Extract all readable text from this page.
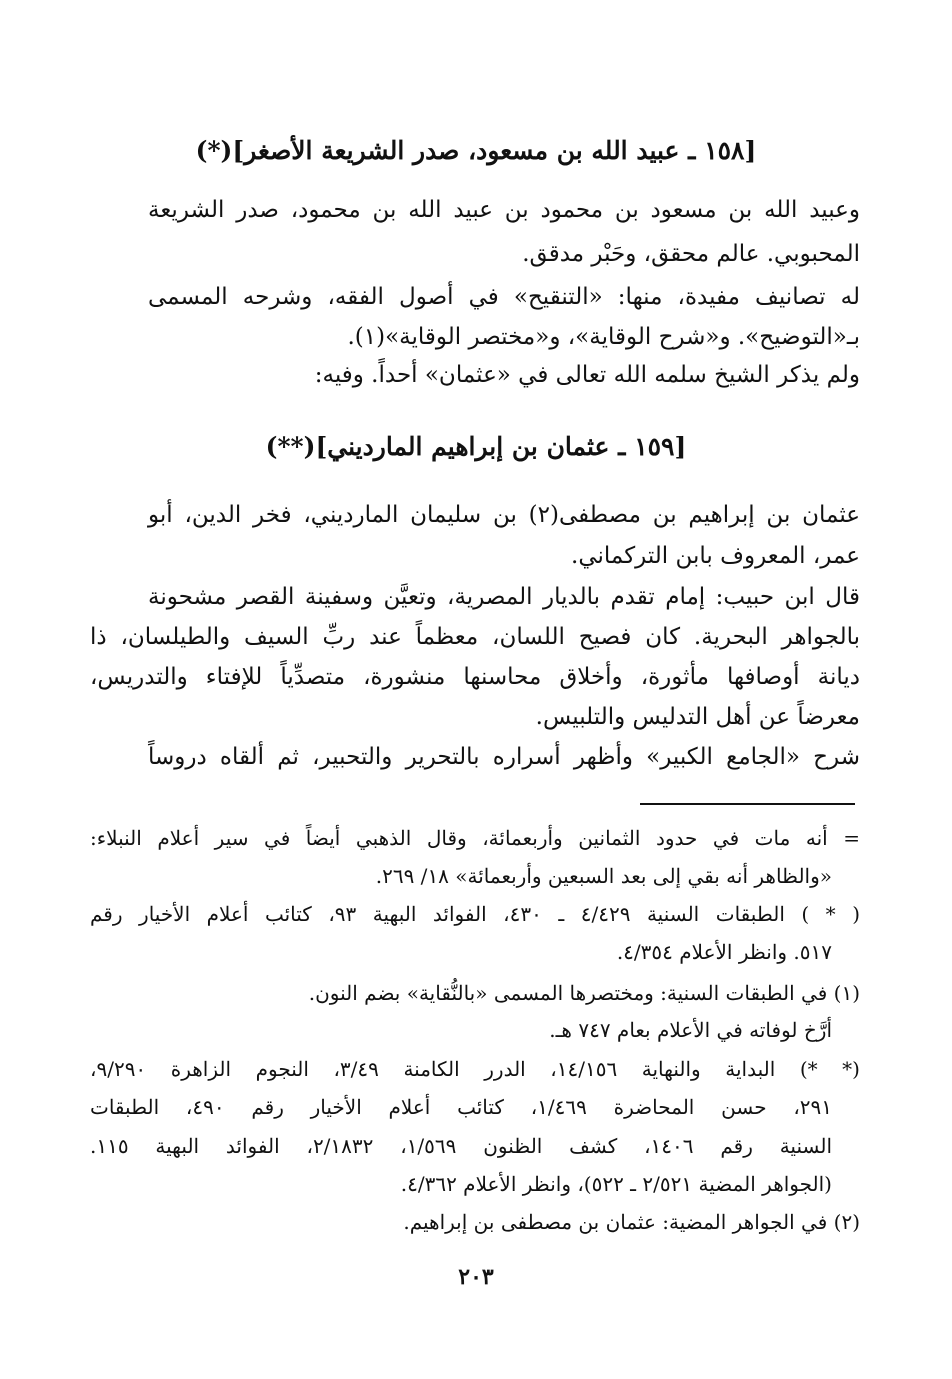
[١٥٨ ـ عبيد الله بن مسعود، صدر الشريعة الأصغر](*)
وعبيد الله بن مسعود بن محمود بن عبيد الله بن محمود، صدر الشريعة
المحبوبي. عالم محقق، وحَبْر مدقق.
له تصانيف مفيدة، منها: «التنقيح» في أصول الفقه، وشرحه المسمى
بـ«التوضيح». و«شرح الوقاية»، و«مختصر الوقاية»(١).
ولم يذكر الشيخ سلمه الله تعالى في «عثمان» أحداً. وفيه:
[١٥٩ ـ عثمان بن إبراهيم المارديني](**)
عثمان بن إبراهيم بن مصطفى(٢) بن سليمان المارديني، فخر الدين، أبو
عمر، المعروف بابن التركماني.
قال ابن حبيب: إمام تقدم بالديار المصرية، وتعيَّن وسفينة القصر مشحونة
بالجواهر البحرية. كان فصيح اللسان، معظماً عند ربِّ السيف والطيلسان، ذا
ديانة أوصافها مأثورة، وأخلاق محاسنها منشورة، متصدِّياً للإفتاء والتدريس،
معرضاً عن أهل التدليس والتلبيس.
شرح «الجامع الكبير» وأظهر أسراره بالتحرير والتحبير، ثم ألقاه دروساً
= أنه مات في حدود الثمانين وأربعمائة، وقال الذهبي أيضاً في سير أعلام النبلاء:
«والظاهر أنه بقي إلى بعد السبعين وأربعمائة» ١٨/ ٢٦٩.
( * ) الطبقات السنية ٤/٤٢٩ ـ ٤٣٠، الفوائد البهية ٩٣، كتائب أعلام الأخيار رقم
٥١٧. وانظر الأعلام ٤/٣٥٤.
(١) في الطبقات السنية: ومختصرها المسمى «بالنُّقاية» بضم النون.
أرَّخ لوفاته في الأعلام بعام ٧٤٧ هـ.
(* *) البداية والنهاية ١٤/١٥٦، الدرر الكامنة ٣/٤٩، النجوم الزاهرة ٩/٢٩٠،
٢٩١، حسن المحاضرة ١/٤٦٩، كتائب أعلام الأخيار رقم ٤٩٠، الطبقات
السنية رقم ١٤٠٦، كشف الظنون ١/٥٦٩، ٢/١٨٣٢، الفوائد البهية ١١٥.
(الجواهر المضية ٢/٥٢١ ـ ٥٢٢)، وانظر الأعلام ٤/٣٦٢.
(٢) في الجواهر المضية: عثمان بن مصطفى بن إبراهيم.
٢٠٣
